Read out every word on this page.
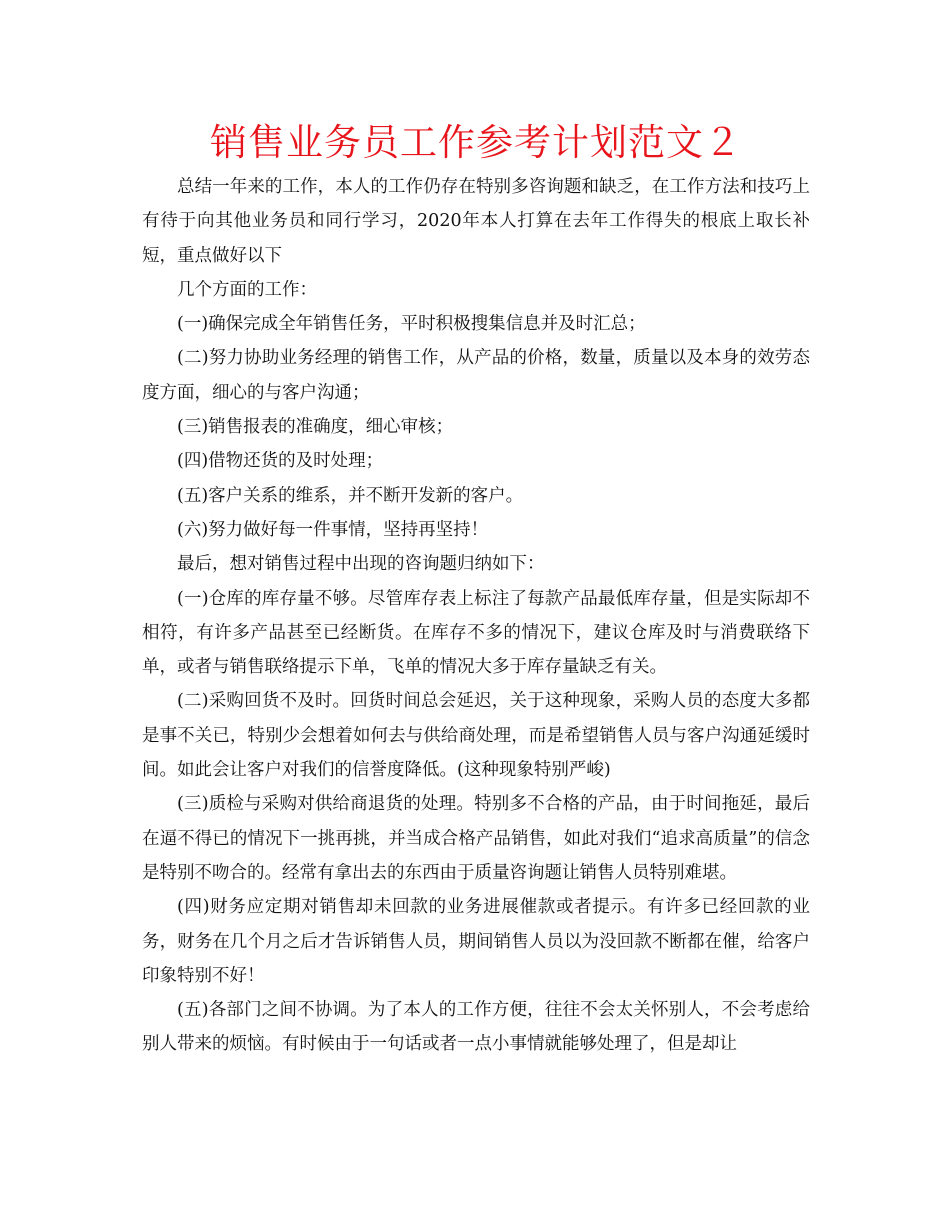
销售业务员工作参考计划范文２

总结一年来的工作，本人的工作仍存在特别多咨询题和缺乏，在工作方法和技巧上有待于向其他业务员和同行学习，2020年本人打算在去年工作得失的根底上取长补短，重点做好以下

几个方面的工作：

(一)确保完成全年销售任务，平时积极搜集信息并及时汇总；

(二)努力协助业务经理的销售工作，从产品的价格，数量，质量以及本身的效劳态度方面，细心的与客户沟通；

(三)销售报表的准确度，细心审核；

(四)借物还货的及时处理；

(五)客户关系的维系，并不断开发新的客户。

(六)努力做好每一件事情，坚持再坚持！

最后，想对销售过程中出现的咨询题归纳如下：

(一)仓库的库存量不够。尽管库存表上标注了每款产品最低库存量，但是实际却不相符，有许多产品甚至已经断货。在库存不多的情况下，建议仓库及时与消费联络下单，或者与销售联络提示下单，飞单的情况大多于库存量缺乏有关。

(二)采购回货不及时。回货时间总会延迟，关于这种现象，采购人员的态度大多都是事不关已，特别少会想着如何去与供给商处理，而是希望销售人员与客户沟通延缓时间。如此会让客户对我们的信誉度降低。(这种现象特别严峻)

(三)质检与采购对供给商退货的处理。特别多不合格的产品，由于时间拖延，最后在逼不得已的情况下一挑再挑，并当成合格产品销售，如此对我们“追求高质量”的信念是特别不吻合的。经常有拿出去的东西由于质量咨询题让销售人员特别难堪。

(四)财务应定期对销售却未回款的业务进展催款或者提示。有许多已经回款的业务，财务在几个月之后才告诉销售人员，期间销售人员以为没回款不断都在催，给客户印象特别不好！

(五)各部门之间不协调。为了本人的工作方便，往往不会太关怀别人，不会考虑给别人带来的烦恼。有时候由于一句话或者一点小事情就能够处理了，但是却让
